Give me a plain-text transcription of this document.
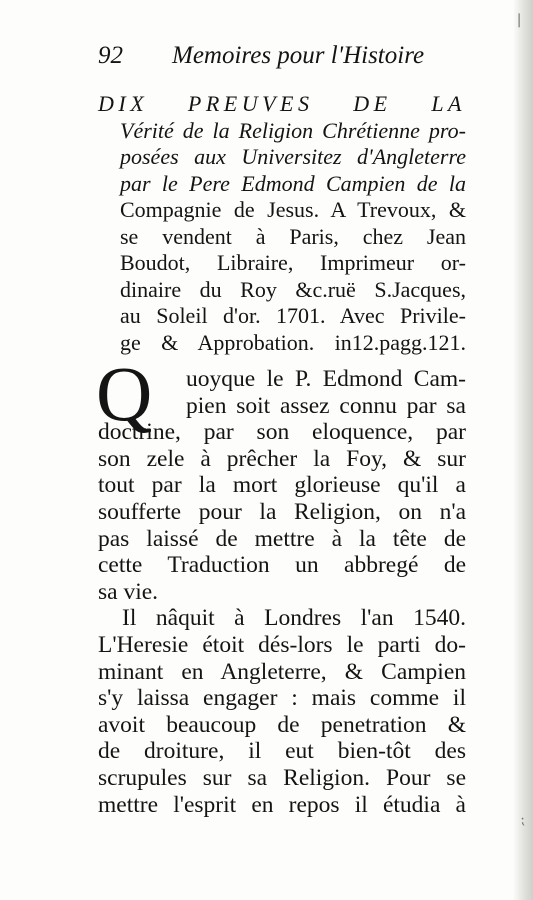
❘
⁏
92 Memoires pour l'Histoire
DIX PREUVES DE LA
Vérité de la Religion Chrétienne pro-
posées aux Universitez d'Angleterre
par le Pere Edmond Campien de la
Compagnie de Jesus. A Trevoux, &
se vendent à Paris, chez Jean
Boudot, Libraire, Imprimeur or-
dinaire du Roy &c.ruë S.Jacques,
au Soleil d'or. 1701. Avec Privile-
ge & Approbation. in12.pagg.121.
Q	uoyque le P. Edmond Cam-
pien soit assez connu par sa
doctrine, par son eloquence, par
son zele à prêcher la Foy, & sur
tout par la mort glorieuse qu'il a
soufferte pour la Religion, on n'a
pas laissé de mettre à la tête de
cette Traduction un abbregé de
sa vie.
Il nâquit à Londres l'an 1540.
L'Heresie étoit dés-lors le parti do-
minant en Angleterre, & Campien
s'y laissa engager : mais comme il
avoit beaucoup de penetration &
de droiture, il eut bien-tôt des
scrupules sur sa Religion. Pour se
mettre l'esprit en repos il étudia à
